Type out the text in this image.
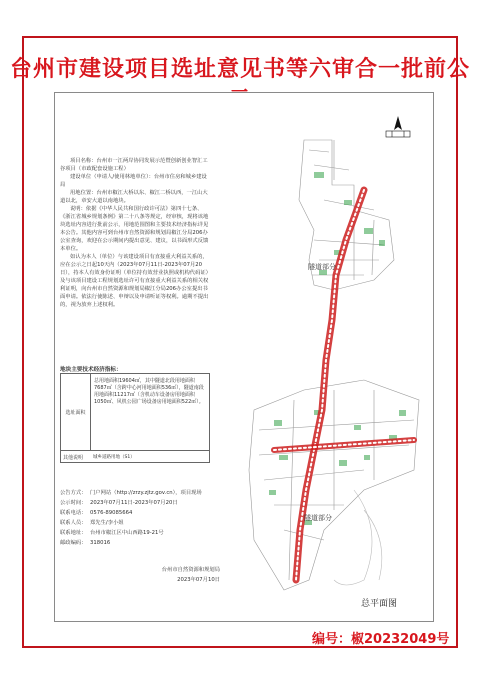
台州市建设项目选址意见书等六审合一批前公

项目名称：台州市一江两岸协同发展示范暨创新创业智汇工谷项目（市政配套设施工程）

建设单位（申请人/使用林地单位）：台州市住房和城乡建设局

用地位置：台州市椒江大桥以东、椒江二桥以西，一江山大道以北，章安大道以南地块。

说明：依据《中华人民共和国行政许可法》第四十七条、《浙江省城乡规划条例》第二十八条等规定，经审核，现将该地块选址内容进行批前公示，用地范围图和主要技术经济指标详见本公告。其他内容可到台州市自然资源和规划局椒江分局206办公室查询，欢迎在公示期间内提出意见、建议，以书面形式反馈本单位。

如认为本人（单位）与该建设项目有直接重大利益关系的，应在公示之日起10天内（2023年07月11日-2023年07月20日），持本人有效身份证明（单位持有效营业执照或机构代码证）及与该项目建设工程规划选址许可有直接重大利益关系的相关权利证明，向台州市自然资源和规划局椒江分局206办公室提出书面申请。依法行使陈述、申辩以及申请听证等权利。逾期不提出的，视为放弃上述权利。

地块主要技术经济指标：
选址面积
总用地面积19604㎡，其中隧道北段用地面积7687㎡（含跨中心河用地面积536㎡），隧道南段用地面积11217㎡（含机动车设备房用地面积1050㎡、风机公园广场设备房用地面积522㎡）。
其他说明 城乡道路用地（S1）
公告方式： 门户网站（http://zrzy.zjtz.gov.cn），项目现场
公示时间： 2023年07月11日-2023年07月20日
联系电话： 0576-89085664
联系人员： 郑先生/李小姐
联系地址： 台州市椒江区中山西路19-21号
邮政编码： 318016
台州市自然资源和规划局
2023年07月10日
隧道部分
隧道部分
总平面图
编号：椒20232049号
